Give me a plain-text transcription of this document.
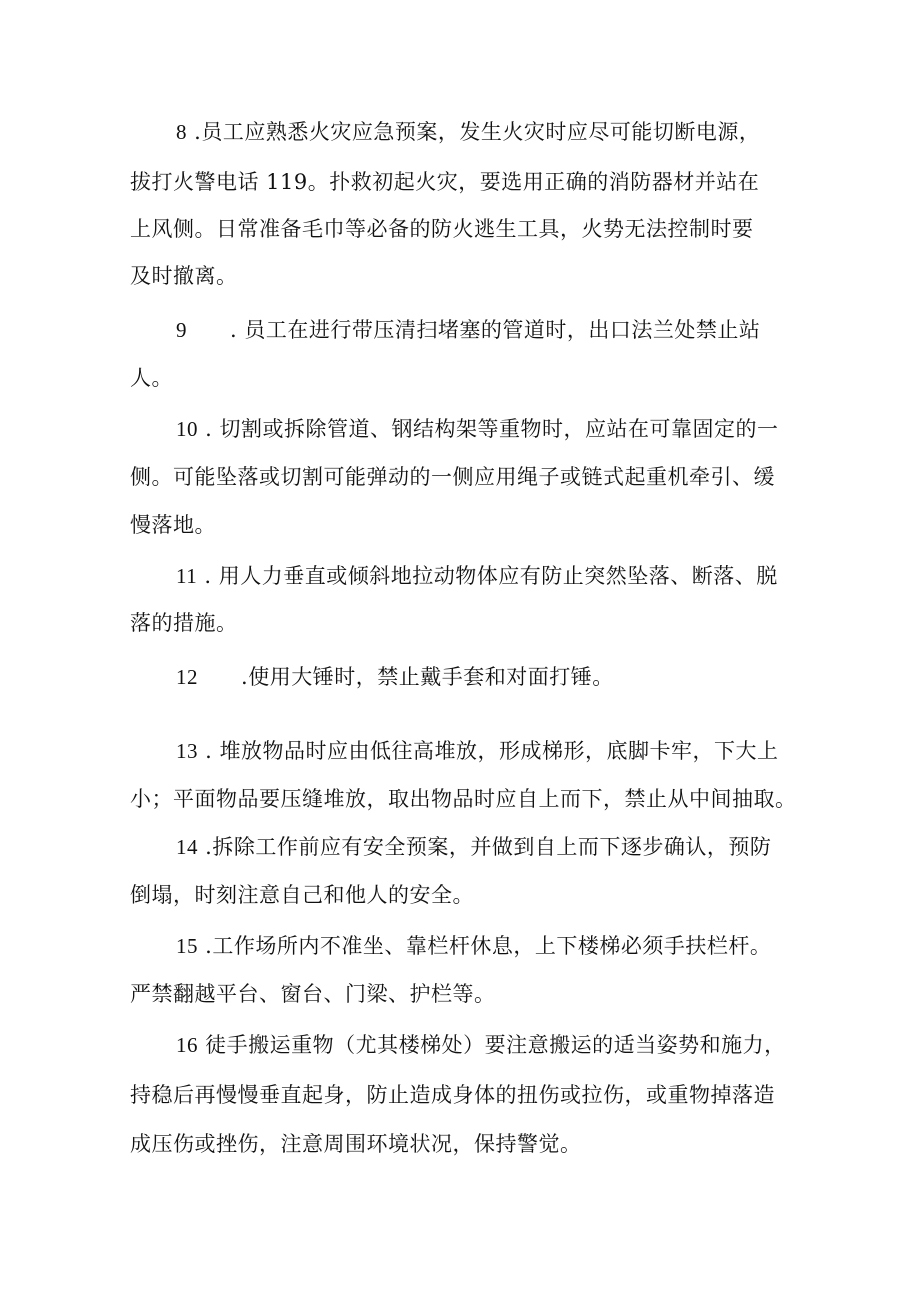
8 .员工应熟悉火灾应急预案，发生火灾时应尽可能切断电源，
拔打火警电话 119。扑救初起火灾，要选用正确的消防器材并站在
上风侧。日常准备毛巾等必备的防火逃生工具，火势无法控制时要
及时撤离。
9      . 员工在进行带压清扫堵塞的管道时，出口法兰处禁止站
人。
10 . 切割或拆除管道、钢结构架等重物时，应站在可靠固定的一
侧。可能坠落或切割可能弹动的一侧应用绳子或链式起重机牵引、缓
慢落地。
11 . 用人力垂直或倾斜地拉动物体应有防止突然坠落、断落、脱
落的措施。
12      .使用大锤时，禁止戴手套和对面打锤。
13 . 堆放物品时应由低往高堆放，形成梯形，底脚卡牢，下大上
小；平面物品要压缝堆放，取出物品时应自上而下，禁止从中间抽取。
14 .拆除工作前应有安全预案，并做到自上而下逐步确认，预防
倒塌，时刻注意自己和他人的安全。
15 .工作场所内不准坐、靠栏杆休息，上下楼梯必须手扶栏杆。
严禁翻越平台、窗台、门梁、护栏等。
16 徒手搬运重物（尤其楼梯处）要注意搬运的适当姿势和施力，
持稳后再慢慢垂直起身，防止造成身体的扭伤或拉伤，或重物掉落造
成压伤或挫伤，注意周围环境状况，保持警觉。
